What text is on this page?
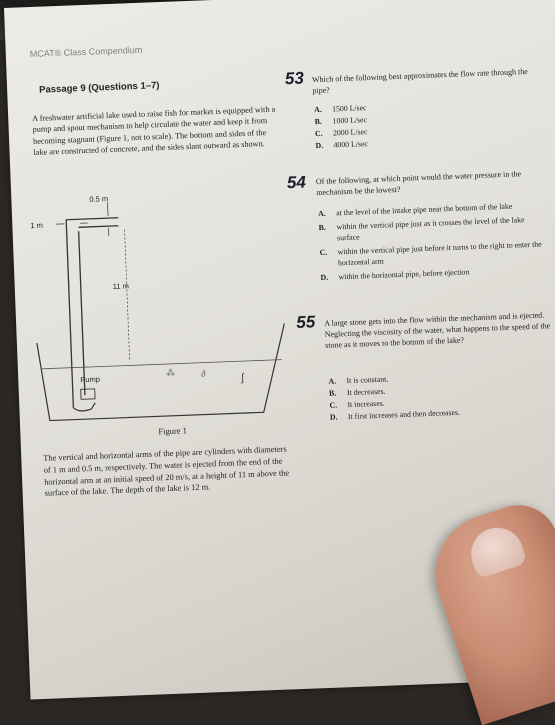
MCAT® Class Compendium
Passage 9 (Questions 1–7)
A freshwater artificial lake used to raise fish for market is equipped with a pump and spout mechanism to help circulate the water and keep it from becoming stagnant (Figure 1, not to scale). The bottom and sides of the lake are constructed of concrete, and the sides slant outward as shown.
⁂	∂	ʃ
0.5 m
1 m
11 m
Pump
Figure 1
The vertical and horizontal arms of the pipe are cylinders with diameters of 1 m and 0.5 m, respectively. The water is ejected from the end of the horizontal arm at an initial speed of 20 m/s, at a height of 11 m above the surface of the lake. The depth of the lake is 12 m.
53 Which of the following best approximates the flow rate through the pipe?
A.	1500 L/sec
B.	1000 L/sec
C.	2000 L/sec
D.	4000 L/sec
54 Of the following, at which point would the water pressure in the mechanism be the lowest?
A.	at the level of the intake pipe near the bottom of the lake
B.	within the vertical pipe just as it crosses the level of the lake surface
C.	within the vertical pipe just before it turns to the right to enter the horizontal arm
D.	within the horizontal pipe, before ejection
55 A large stone gets into the flow within the mechanism and is ejected. Neglecting the viscosity of the water, what happens to the speed of the stone as it moves to the bottom of the lake?
A.	It is constant.
B.	It decreases.
C.	It increases.
D.	It first increases and then decreases.
